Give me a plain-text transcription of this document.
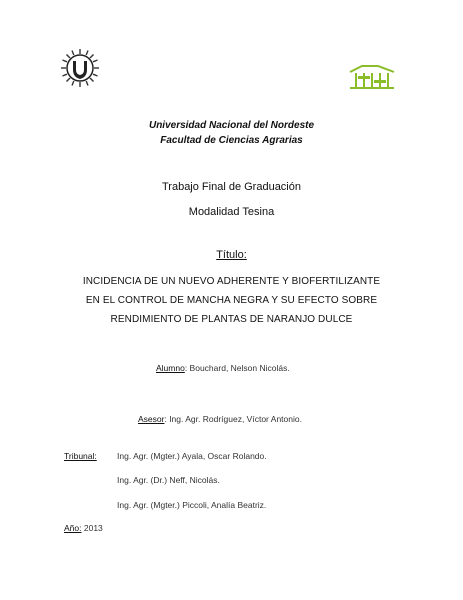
Universidad Nacional del Nordeste
Facultad de Ciencias Agrarias
Trabajo Final de Graduación
Modalidad Tesina
Título:
INCIDENCIA DE UN NUEVO ADHERENTE Y BIOFERTILIZANTE
EN EL CONTROL DE MANCHA NEGRA Y SU EFECTO SOBRE
RENDIMIENTO DE PLANTAS DE NARANJO DULCE
Alumno: Bouchard, Nelson Nicolás.
Asesor: Ing. Agr. Rodríguez, Víctor Antonio.
Tribunal: Ing. Agr. (Mgter.) Ayala, Oscar Rolando.
Ing. Agr. (Dr.) Neff, Nicolás.
Ing. Agr. (Mgter.) Piccoli, Analía Beatriz.
Año: 2013
